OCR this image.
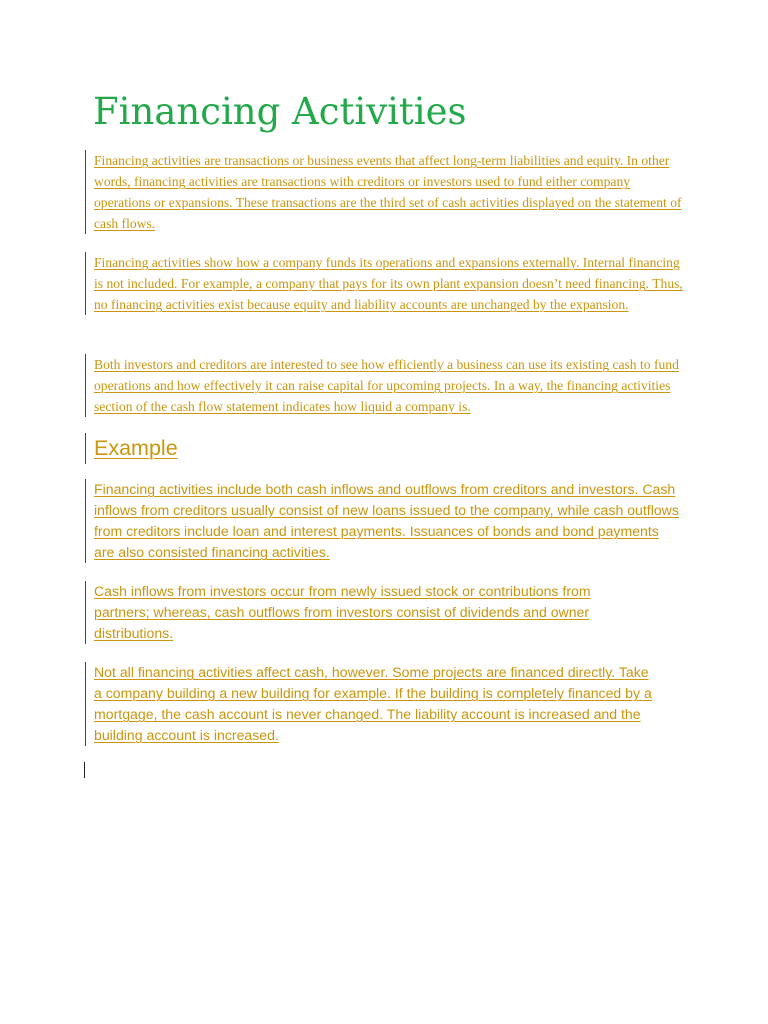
Financing Activities

Financing activities are transactions or business events that affect long-term liabilities and equity. In other words, financing activities are transactions with creditors or investors used to fund either company operations or expansions. These transactions are the third set of cash activities displayed on the statement of cash flows.

Financing activities show how a company funds its operations and expansions externally. Internal financing is not included. For example, a company that pays for its own plant expansion doesn’t need financing. Thus, no financing activities exist because equity and liability accounts are unchanged by the expansion.

Both investors and creditors are interested to see how efficiently a business can use its existing cash to fund operations and how effectively it can raise capital for upcoming projects. In a way, the financing activities section of the cash flow statement indicates how liquid a company is.

Example

Financing activities include both cash inflows and outflows from creditors and investors. Cash inflows from creditors usually consist of new loans issued to the company, while cash outflows from creditors include loan and interest payments. Issuances of bonds and bond payments are also consisted financing activities.

Cash inflows from investors occur from newly issued stock or contributions from partners; whereas, cash outflows from investors consist of dividends and owner distributions.

Not all financing activities affect cash, however. Some projects are financed directly. Take a company building a new building for example. If the building is completely financed by a mortgage, the cash account is never changed. The liability account is increased and the building account is increased.
